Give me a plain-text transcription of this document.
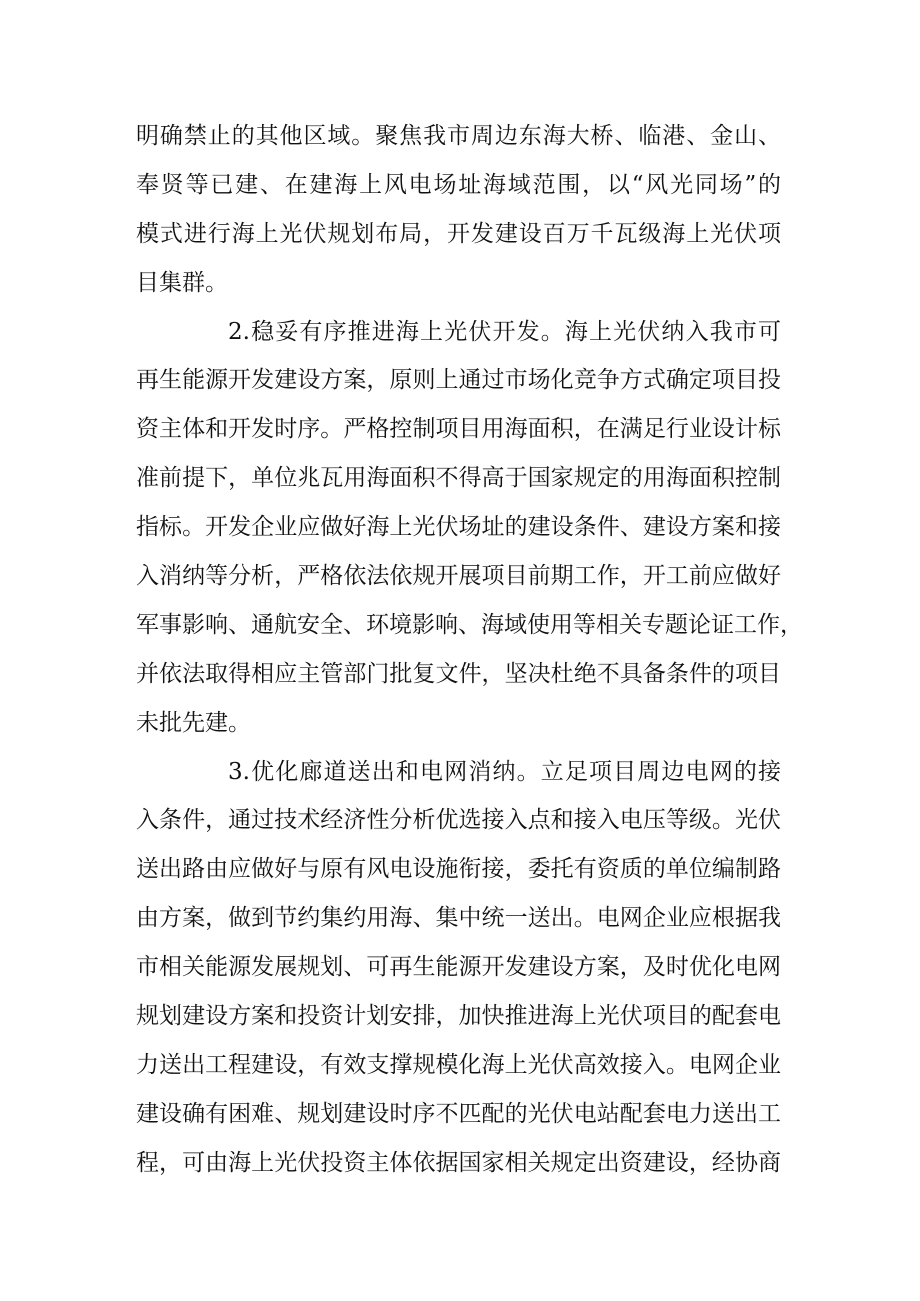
明确禁止的其他区域。聚焦我市周边东海大桥、临港、金山、
奉贤等已建、在建海上风电场址海域范围，以“风光同场”的
模式进行海上光伏规划布局，开发建设百万千瓦级海上光伏项
目集群。
2.稳妥有序推进海上光伏开发。海上光伏纳入我市可
再生能源开发建设方案，原则上通过市场化竞争方式确定项目投
资主体和开发时序。严格控制项目用海面积，在满足行业设计标
准前提下，单位兆瓦用海面积不得高于国家规定的用海面积控制
指标。开发企业应做好海上光伏场址的建设条件、建设方案和接
入消纳等分析，严格依法依规开展项目前期工作，开工前应做好
军事影响、通航安全、环境影响、海域使用等相关专题论证工作，
并依法取得相应主管部门批复文件，坚决杜绝不具备条件的项目
未批先建。
3.优化廊道送出和电网消纳。立足项目周边电网的接
入条件，通过技术经济性分析优选接入点和接入电压等级。光伏
送出路由应做好与原有风电设施衔接，委托有资质的单位编制路
由方案，做到节约集约用海、集中统一送出。电网企业应根据我
市相关能源发展规划、可再生能源开发建设方案，及时优化电网
规划建设方案和投资计划安排，加快推进海上光伏项目的配套电
力送出工程建设，有效支撑规模化海上光伏高效接入。电网企业
建设确有困难、规划建设时序不匹配的光伏电站配套电力送出工
程，可由海上光伏投资主体依据国家相关规定出资建设，经协商
